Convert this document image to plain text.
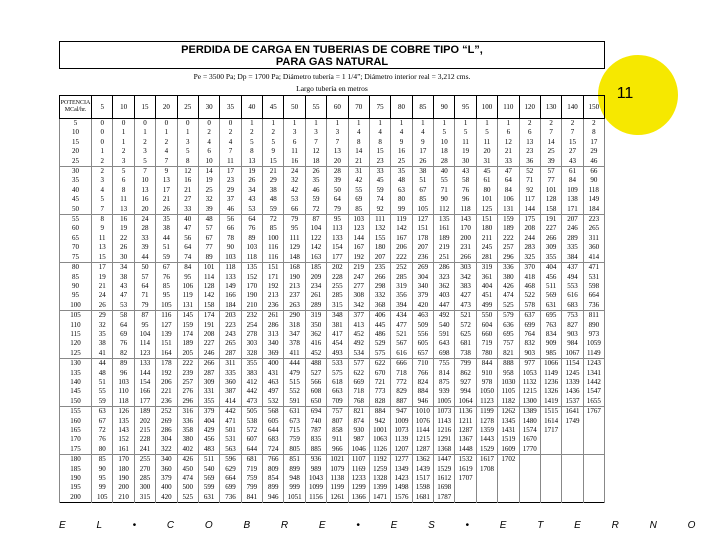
11
PERDIDA DE CARGA EN TUBERIAS DE COBRE TIPO “L”,
PARA GAS NATURAL
Pe = 3500 Pa; Dp = 1700 Pa; Diámetro tubería = 1 1/4”; Diámetro interior real = 3,212 cms.
Largo tubería en metros
POTENCIA MCal/hr.	5	10	15	20	25	30	35	40	45	50	55	60	70	75	80	85	90	95	100	110	120	130	140	150
5	0	0	0	0	0	0	0	1	1	1	1	1	1	1	1	1	1	1	1	1	2	2	2	2
10	0	1	1	1	1	2	2	2	2	3	3	3	4	4	4	4	5	5	5	6	6	7	7	8
15	0	1	2	2	3	4	4	5	5	6	7	7	8	8	9	9	10	11	11	12	13	14	15	17
20	1	2	3	4	5	6	7	8	9	11	12	13	14	15	16	17	18	19	20	21	23	25	27	29
25	2	3	5	7	8	10	11	13	15	16	18	20	21	23	25	26	28	30	31	33	36	39	43	46
30	2	5	7	9	12	14	17	19	21	24	26	28	31	33	35	38	40	43	45	47	52	57	61	66
35	3	6	10	13	16	19	23	26	29	32	35	39	42	45	48	51	55	58	61	64	71	77	84	90
40	4	8	13	17	21	25	29	34	38	42	46	50	55	59	63	67	71	76	80	84	92	101	109	118
45	5	11	16	21	27	32	37	43	48	53	59	64	69	74	80	85	90	96	101	106	117	128	138	149
50	7	13	20	26	33	39	46	53	59	66	72	79	85	92	99	105	112	118	125	131	144	158	171	184
55	8	16	24	35	40	48	56	64	72	79	87	95	103	111	119	127	135	143	151	159	175	191	207	223
60	9	19	28	38	47	57	66	76	85	95	104	113	123	132	142	151	161	170	180	189	208	227	246	265
65	11	22	33	44	56	67	78	89	100	111	122	133	144	155	167	178	189	200	211	222	244	266	289	311
70	13	26	39	51	64	77	90	103	116	129	142	154	167	180	206	207	219	231	245	257	283	309	335	360
75	15	30	44	59	74	89	103	118	116	148	163	177	192	207	222	236	251	266	281	296	325	355	384	414
80	17	34	50	67	84	101	118	135	151	168	185	202	219	235	252	269	286	303	319	336	370	404	437	471
85	19	38	57	76	95	114	133	152	171	190	209	228	247	266	285	304	323	342	361	380	418	456	494	531
90	21	43	64	85	106	128	149	170	192	213	234	255	277	298	319	340	362	383	404	426	468	511	553	598
95	24	47	71	95	119	142	166	190	213	237	261	285	308	332	356	379	403	427	451	474	522	569	616	664
100	26	53	79	105	131	158	184	210	236	263	289	315	342	368	394	420	447	473	499	525	578	631	683	736
105	29	58	87	116	145	174	203	232	261	290	319	348	377	406	434	463	492	521	550	579	637	695	753	811
110	32	64	95	127	159	191	223	254	286	318	350	381	413	445	477	509	540	572	604	636	699	763	827	890
115	35	69	104	139	174	208	243	278	313	347	362	417	452	486	521	556	591	625	660	695	764	834	903	973
120	38	76	114	151	189	227	265	303	340	378	416	454	492	529	567	605	643	681	719	757	832	909	984	1059
125	41	82	123	164	205	246	287	328	369	411	452	493	534	575	616	657	698	738	780	821	903	985	1067	1149
130	44	89	133	178	222	266	311	355	400	444	488	533	577	622	666	710	755	799	844	888	977	1066	1154	1243
135	48	96	144	192	239	287	335	383	431	479	527	575	622	670	718	766	814	862	910	958	1053	1149	1245	1341
140	51	103	154	206	257	309	360	412	463	515	566	618	669	721	772	824	875	927	978	1030	1132	1236	1339	1442
145	55	110	166	221	276	331	387	442	497	552	608	663	718	773	829	884	939	994	1050	1105	1215	1326	1436	1547
150	59	118	177	236	296	355	414	473	532	591	650	709	768	828	887	946	1005	1064	1123	1182	1300	1419	1537	1655
155	63	126	189	252	316	379	442	505	568	631	694	757	821	884	947	1010	1073	1136	1199	1262	1389	1515	1641	1767
160	67	135	202	269	336	404	471	538	605	673	740	807	874	942	1009	1076	1143	1211	1278	1345	1480	1614	1749	
165	72	143	215	286	358	429	501	572	644	715	787	858	930	1001	1073	1144	1216	1287	1359	1431	1574	1717		
170	76	152	228	304	380	456	531	607	683	759	835	911	987	1063	1139	1215	1291	1367	1443	1519	1670			
175	80	161	241	322	402	483	563	644	724	805	885	966	1046	1126	1207	1287	1368	1448	1529	1609	1770			
180	85	170	255	340	426	511	596	681	766	851	936	1021	1107	1192	1277	1362	1447	1532	1617	1702				
185	90	180	270	360	450	540	629	719	809	899	989	1079	1169	1259	1349	1439	1529	1619	1708					
190	95	190	285	379	474	569	664	759	854	948	1043	1138	1233	1328	1423	1517	1612	1707						
195	99	200	300	400	500	599	699	799	899	999	1099	1199	1299	1399	1498	1598	1698							
200	105	210	315	420	525	631	736	841	946	1051	1156	1261	1366	1471	1576	1681	1787							
E L • C O B R E • E S • E T E R N O
